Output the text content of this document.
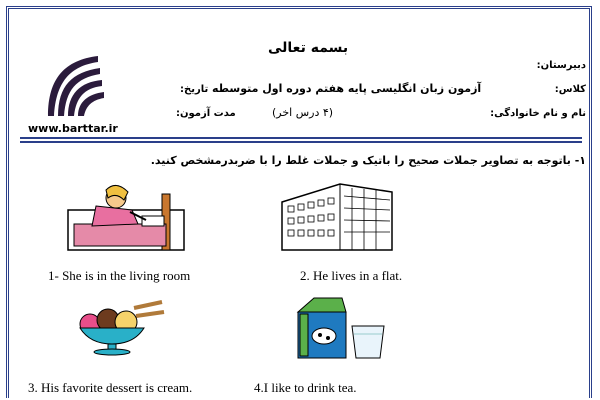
www.barttar.ir
بسمه تعالی
دبیرستان:
کلاس:
آزمون زبان انگلیسی پایه هفتم دوره اول متوسطه
تاریخ:
نام و نام خانوادگی:
(۴ درس اخر)
مدت آزمون:
۱- باتوجه به تصاویر جملات صحیح را باتیک و جملات غلط را با ضربدرمشخص کنید.
1- She is in the living room	2. He lives in a flat.
3. His favorite dessert is cream.	4.I like to drink tea.
